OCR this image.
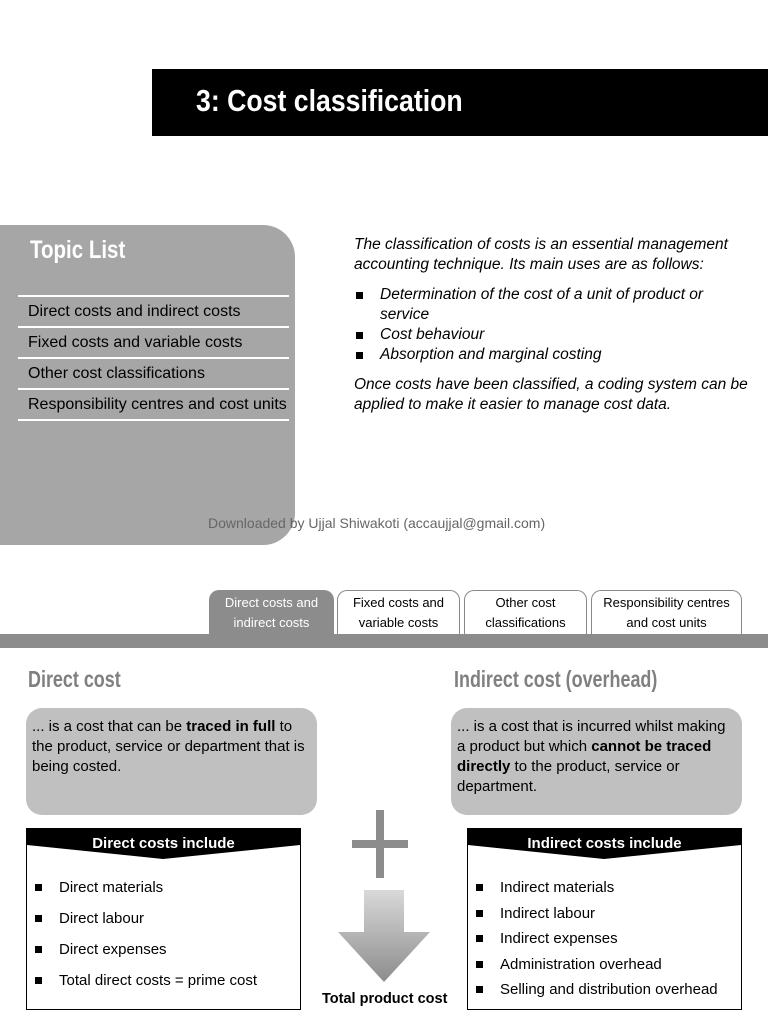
3: Cost classification
Topic List
Direct costs and indirect costs
Fixed costs and variable costs
Other cost classifications
Responsibility centres and cost units

The classification of costs is an essential management accounting technique. Its main uses are as follows:

Determination of the cost of a unit of product or service
Cost behaviour
Absorption and marginal costing

Once costs have been classified, a coding system can be applied to make it easier to manage cost data.

Downloaded by Ujjal Shiwakoti (accaujjal@gmail.com)
Direct costs and
indirect costs
Fixed costs and
variable costs
Other cost
classifications
Responsibility centres
and cost units
Direct cost
... is a cost that can be traced in full to the product, service or department that is being costed.
Direct costs include
Direct materials
Direct labour
Direct expenses
Total direct costs = prime cost
Total product cost
Indirect cost (overhead)
... is a cost that is incurred whilst making a product but which cannot be traced directly to the product, service or department.
Indirect costs include
Indirect materials
Indirect labour
Indirect expenses
Administration overhead
Selling and distribution overhead
